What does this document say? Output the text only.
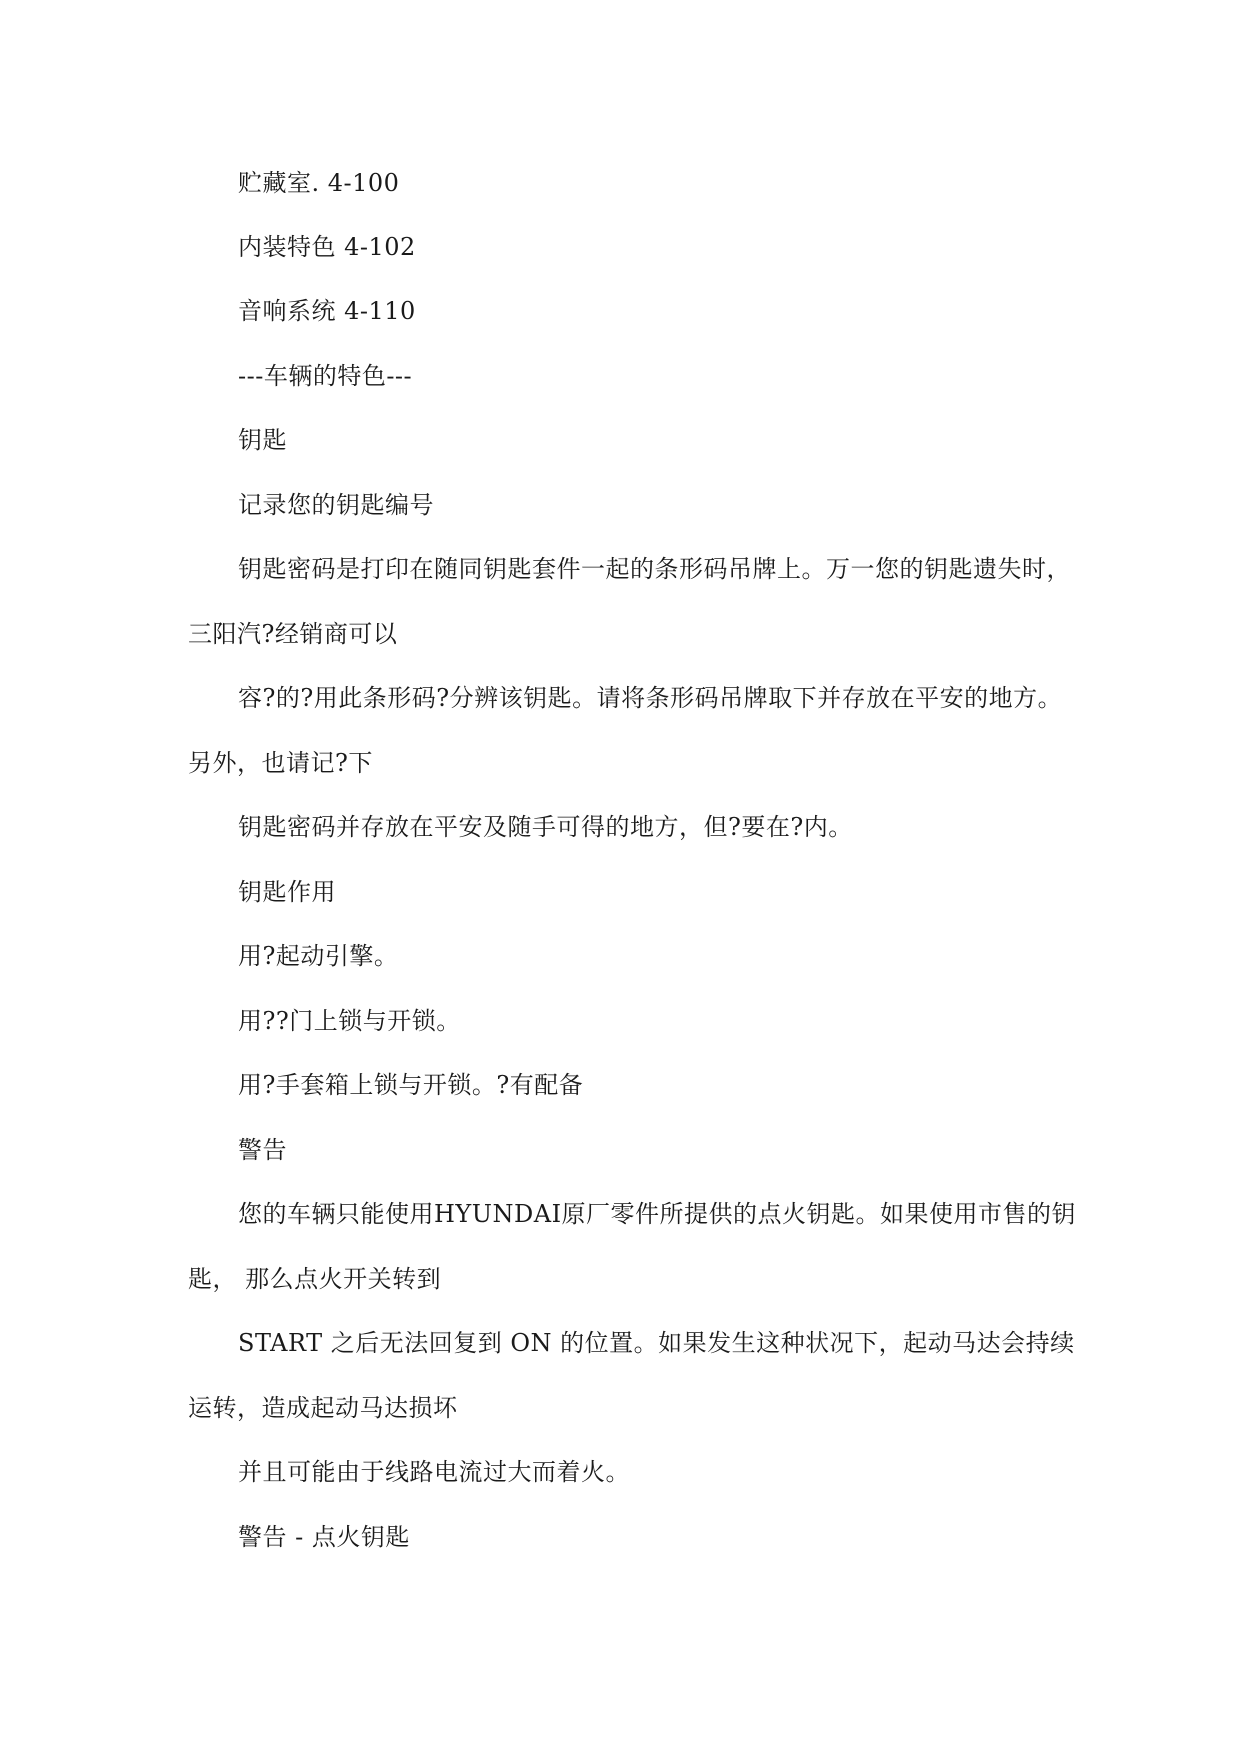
贮藏室. 4-100
内装特色 4-102
音响系统 4-110
---车辆的特色---
钥匙
记录您的钥匙编号
钥匙密码是打印在随同钥匙套件一起的条形码吊牌上。万一您的钥匙遗失时，
三阳汽?经销商可以
容?的?用此条形码?分辨该钥匙。请将条形码吊牌取下并存放在平安的地方。
另外，也请记?下
钥匙密码并存放在平安及随手可得的地方，但?要在?内。
钥匙作用
用?起动引擎。
用??门上锁与开锁。
用?手套箱上锁与开锁。?有配备
警告
您的车辆只能使用HYUNDAI原厂零件所提供的点火钥匙。如果使用市售的钥
匙， 那么点火开关转到
START 之后无法回复到 ON 的位置。如果发生这种状况下，起动马达会持续
运转，造成起动马达损坏
并且可能由于线路电流过大而着火。
警告 - 点火钥匙
